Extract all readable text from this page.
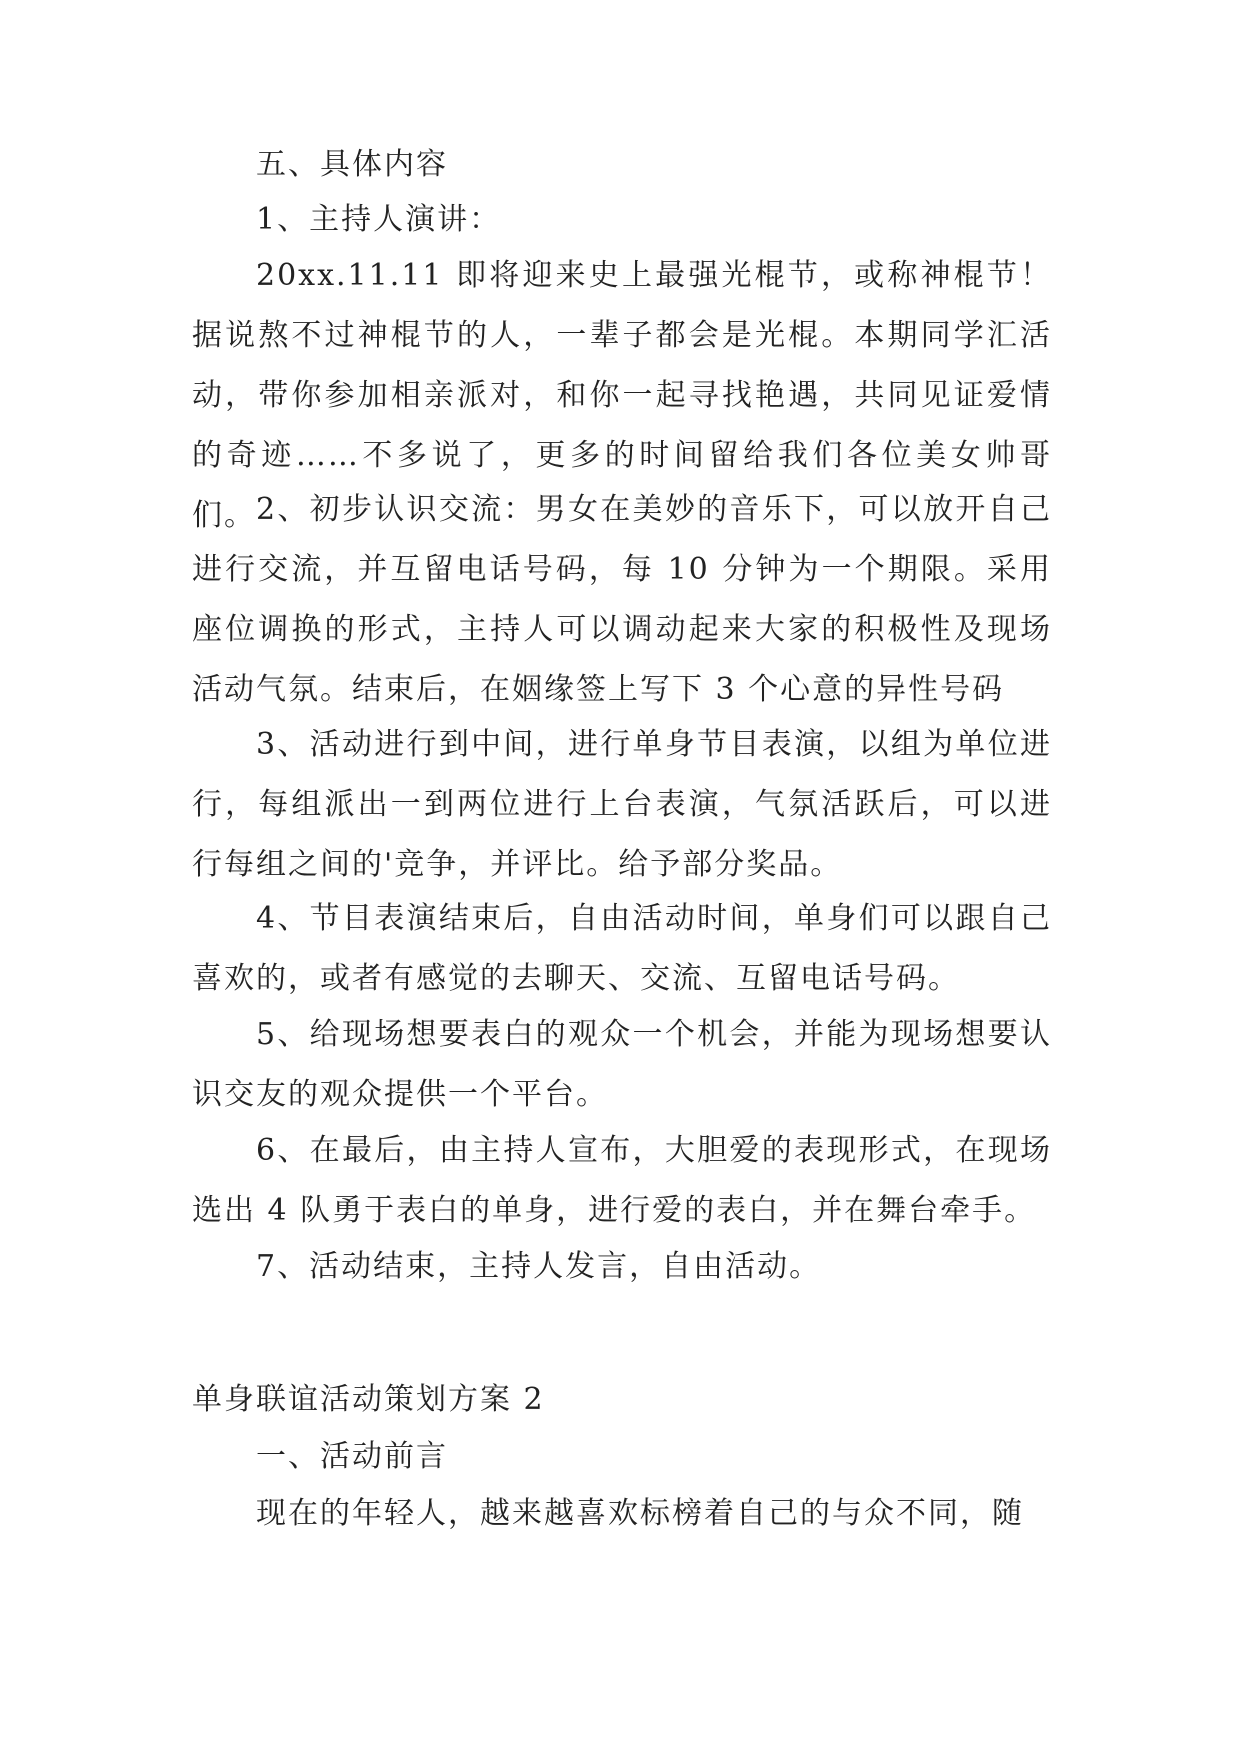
五、具体内容

1、主持人演讲：

20xx.11.11 即将迎来史上最强光棍节，或称神棍节！据说熬不过神棍节的人，一辈子都会是光棍。本期同学汇活动，带你参加相亲派对，和你一起寻找艳遇，共同见证爱情的奇迹……不多说了，更多的时间留给我们各位美女帅哥们。 2、初步认识交流：男女在美妙的音乐下，可以放开自己进行交流，并互留电话号码，每 10 分钟为一个期限。采用座位调换的形式，主持人可以调动起来大家的积极性及现场活动气氛。结束后，在姻缘签上写下 3 个心意的异性号码

3、活动进行到中间，进行单身节目表演，以组为单位进行，每组派出一到两位进行上台表演，气氛活跃后，可以进行每组之间的'竞争，并评比。给予部分奖品。

4、节目表演结束后，自由活动时间，单身们可以跟自己喜欢的，或者有感觉的去聊天、交流、互留电话号码。

5、给现场想要表白的观众一个机会，并能为现场想要认识交友的观众提供一个平台。

6、在最后，由主持人宣布，大胆爱的表现形式，在现场选出 4 队勇于表白的单身，进行爱的表白，并在舞台牵手。

7、活动结束，主持人发言，自由活动。

单身联谊活动策划方案 2

一、活动前言

现在的年轻人，越来越喜欢标榜着自己的与众不同，随
